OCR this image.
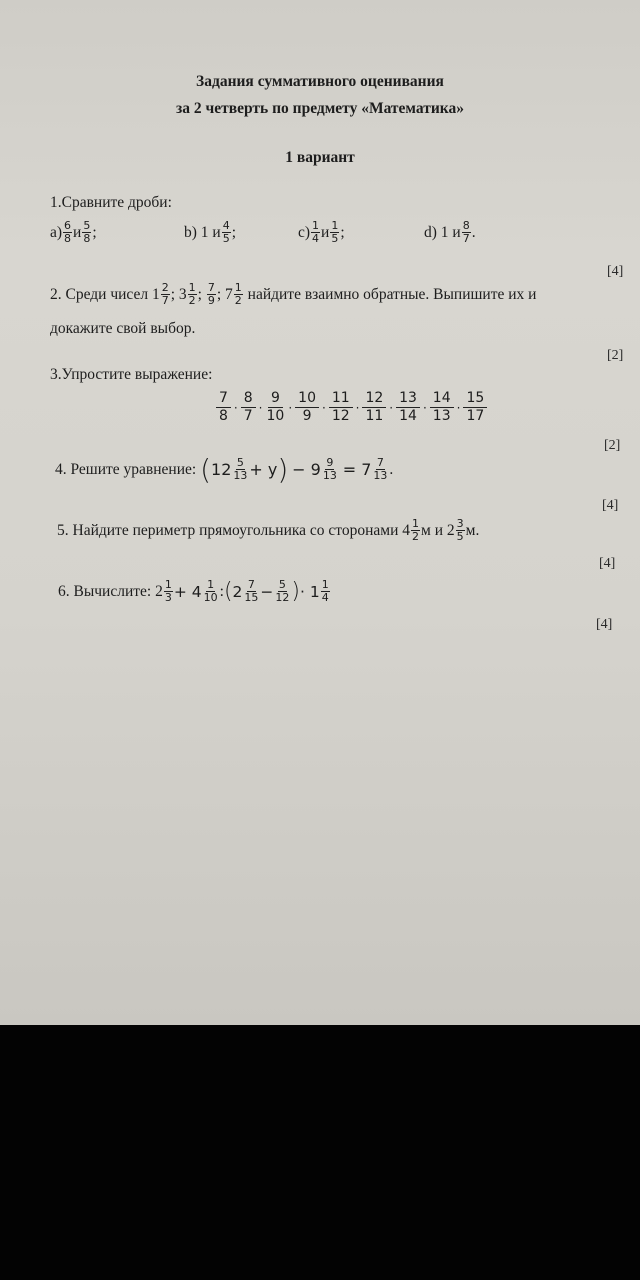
Задания суммативного оценивания
за 2 четверть по предмету «Математика»
1 вариант
1.Сравните дроби:
$a) \frac{6}{8}$ и $\frac{5}{8}$ ;	b) 1 и $\frac{4}{5}$ ;	$c) \frac{1}{4}$ и $\frac{1}{5}$ ;	d) 1 и $\frac{8}{7}$ .
[4]
2. Среди чисел
$1 \frac{2}{7}$ ;
$3 \frac{1}{2}$ ;
$\frac{7}{9}$ ;
$7 \frac{1}{2}$
найдите взаимно обратные. Выпишите их и
докажите свой выбор.
[2]
3.Упростите выражение:
$\frac{7}{8} \cdot \frac{8}{7} \cdot \frac{9}{10} \cdot \frac{10}{9} \cdot \frac{11}{12} \cdot \frac{12}{11} \cdot \frac{13}{14} \cdot \frac{14}{13} \cdot \frac{15}{17}$
[2]
4. Решите уравнение:
( $12 \frac{5}{13} + y$ )
− $9 \frac{9}{13}$
= $7 \frac{7}{13}$ .
[4]
5. Найдите периметр прямоугольника со сторонами $4 \frac{1}{2}$ м и $2 \frac{3}{5} м$.
[4]
6. Вычислите: $2 \frac{1}{3} + 4 \frac{1}{10}$ : ( $2 \frac{7}{15} - \frac{5}{12}$ ) · $1 \frac{1}{4}$
[4]
